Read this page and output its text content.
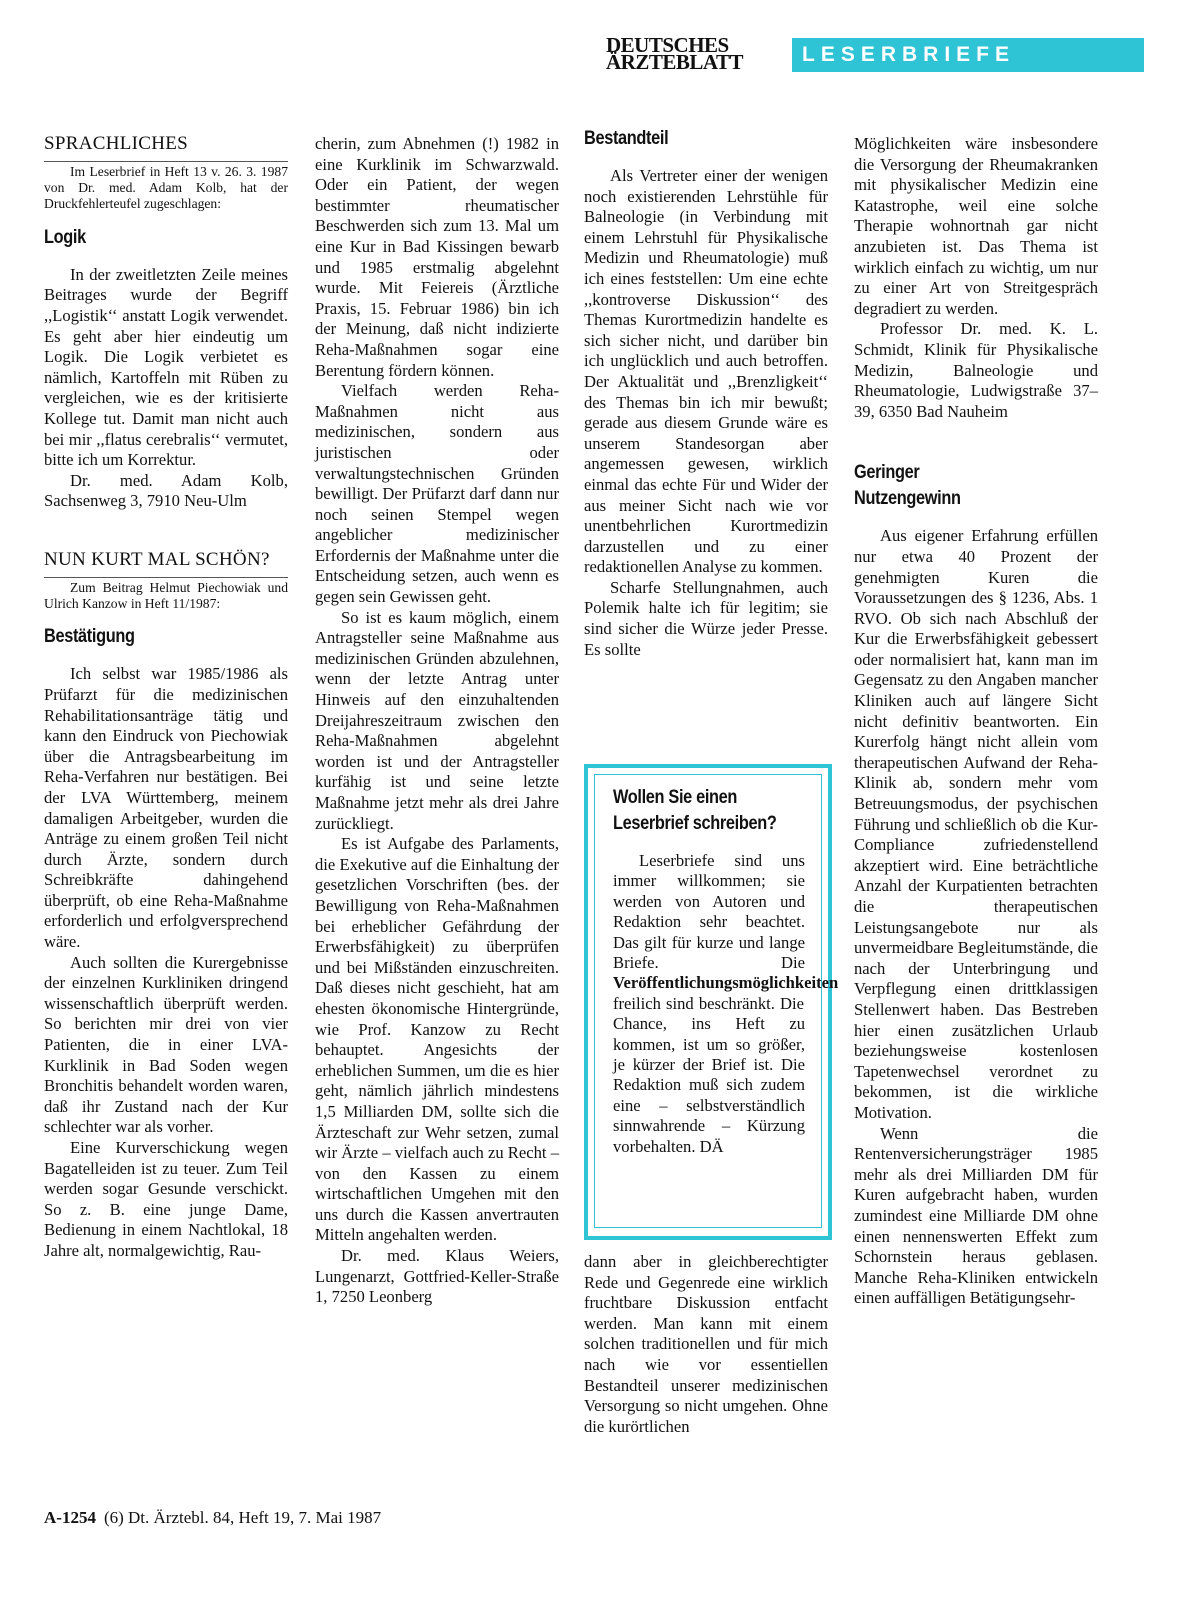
DEUTSCHES
ÄRZTEBLATT	LESERBRIEFE
SPRACHLICHES

Im Leserbrief in Heft 13 v. 26. 3. 1987 von Dr. med. Adam Kolb, hat der Druckfehlerteufel zugeschlagen:

Logik

In der zweitletzten Zeile meines Beitrages wurde der Begriff ,,Logistik‘‘ anstatt Logik verwendet. Es geht aber hier eindeutig um Logik. Die Logik verbietet es nämlich, Kartoffeln mit Rüben zu vergleichen, wie es der kritisierte Kollege tut. Damit man nicht auch bei mir ,,flatus cerebralis‘‘ vermutet, bitte ich um Korrektur.

Dr. med. Adam Kolb, Sachsenweg 3, 7910 Neu-Ulm

NUN KURT MAL SCHÖN?

Zum Beitrag Helmut Piechowiak und Ulrich Kanzow in Heft 11/1987:

Bestätigung

Ich selbst war 1985/1986 als Prüfarzt für die medizinischen Rehabilitationsanträge tätig und kann den Eindruck von Piechowiak über die Antragsbearbeitung im Reha-Verfahren nur bestätigen. Bei der LVA Württemberg, meinem damaligen Arbeitgeber, wurden die Anträge zu einem großen Teil nicht durch Ärzte, sondern durch Schreibkräfte dahingehend überprüft, ob eine Reha-Maßnahme erforderlich und erfolgversprechend wäre.

Auch sollten die Kurergebnisse der einzelnen Kurkliniken dringend wissenschaftlich überprüft werden. So berichten mir drei von vier Patienten, die in einer LVA-Kurklinik in Bad Soden wegen Bronchitis behandelt worden waren, daß ihr Zustand nach der Kur schlechter war als vorher.

Eine Kurverschickung wegen Bagatelleiden ist zu teuer. Zum Teil werden sogar Gesunde verschickt. So z. B. eine junge Dame, Bedienung in einem Nachtlokal, 18 Jahre alt, normalgewichtig, Rau-

cherin, zum Abnehmen (!) 1982 in eine Kurklinik im Schwarzwald. Oder ein Patient, der wegen bestimmter rheumatischer Beschwerden sich zum 13. Mal um eine Kur in Bad Kissingen bewarb und 1985 erstmalig abgelehnt wurde. Mit Feiereis (Ärztliche Praxis, 15. Februar 1986) bin ich der Meinung, daß nicht indizierte Reha-Maßnahmen sogar eine Berentung fördern können.

Vielfach werden Reha-Maßnahmen nicht aus medizinischen, sondern aus juristischen oder verwaltungstechnischen Gründen bewilligt. Der Prüfarzt darf dann nur noch seinen Stempel wegen angeblicher medizinischer Erfordernis der Maßnahme unter die Entscheidung setzen, auch wenn es gegen sein Gewissen geht.

So ist es kaum möglich, einem Antragsteller seine Maßnahme aus medizinischen Gründen abzulehnen, wenn der letzte Antrag unter Hinweis auf den einzuhaltenden Dreijahreszeitraum zwischen den Reha-Maßnahmen abgelehnt worden ist und der Antragsteller kurfähig ist und seine letzte Maßnahme jetzt mehr als drei Jahre zurückliegt.

Es ist Aufgabe des Parlaments, die Exekutive auf die Einhaltung der gesetzlichen Vorschriften (bes. der Bewilligung von Reha-Maßnahmen bei erheblicher Gefährdung der Erwerbsfähigkeit) zu überprüfen und bei Mißständen einzuschreiten. Daß dieses nicht geschieht, hat am ehesten ökonomische Hintergründe, wie Prof. Kanzow zu Recht behauptet. Angesichts der erheblichen Summen, um die es hier geht, nämlich jährlich mindestens 1,5 Milliarden DM, sollte sich die Ärzteschaft zur Wehr setzen, zumal wir Ärzte – vielfach auch zu Recht – von den Kassen zu einem wirtschaftlichen Umgehen mit den uns durch die Kassen anvertrauten Mitteln angehalten werden.

Dr. med. Klaus Weiers, Lungenarzt, Gottfried-Keller-Straße 1, 7250 Leonberg

Bestandteil

Als Vertreter einer der wenigen noch existierenden Lehrstühle für Balneologie (in Verbindung mit einem Lehrstuhl für Physikalische Medizin und Rheumatologie) muß ich eines feststellen: Um eine echte ,,kontroverse Diskussion‘‘ des Themas Kurortmedizin handelte es sich sicher nicht, und darüber bin ich unglücklich und auch betroffen. Der Aktualität und ,,Brenzligkeit‘‘ des Themas bin ich mir bewußt; gerade aus diesem Grunde wäre es unserem Standesorgan aber angemessen gewesen, wirklich einmal das echte Für und Wider der aus meiner Sicht nach wie vor unentbehrlichen Kurortmedizin darzustellen und zu einer redaktionellen Analyse zu kommen.

Scharfe Stellungnahmen, auch Polemik halte ich für legitim; sie sind sicher die Würze jeder Presse. Es sollte

Wollen Sie einen
Leserbrief schreiben?

Leserbriefe sind uns immer willkommen; sie werden von Autoren und Redaktion sehr beachtet. Das gilt für kurze und lange Briefe. Die Veröffentlichungsmöglichkeiten freilich sind beschränkt. Die Chance, ins Heft zu kommen, ist um so größer, je kürzer der Brief ist. Die Redaktion muß sich zudem eine – selbstverständlich sinnwahrende – Kürzung vorbehalten. DÄ

dann aber in gleichberechtigter Rede und Gegenrede eine wirklich fruchtbare Diskussion entfacht werden. Man kann mit einem solchen traditionellen und für mich nach wie vor essentiellen Bestandteil unserer medizinischen Versorgung so nicht umgehen. Ohne die kurörtlichen

Möglichkeiten wäre insbesondere die Versorgung der Rheumakranken mit physikalischer Medizin eine Katastrophe, weil eine solche Therapie wohnortnah gar nicht anzubieten ist. Das Thema ist wirklich einfach zu wichtig, um nur zu einer Art von Streitgespräch degradiert zu werden.

Professor Dr. med. K. L. Schmidt, Klinik für Physikalische Medizin, Balneologie und Rheumatologie, Ludwigstraße 37–39, 6350 Bad Nauheim

Geringer
Nutzengewinn

Aus eigener Erfahrung erfüllen nur etwa 40 Prozent der genehmigten Kuren die Voraussetzungen des § 1236, Abs. 1 RVO. Ob sich nach Abschluß der Kur die Erwerbsfähigkeit gebessert oder normalisiert hat, kann man im Gegensatz zu den Angaben mancher Kliniken auch auf längere Sicht nicht definitiv beantworten. Ein Kurerfolg hängt nicht allein vom therapeutischen Aufwand der Reha-Klinik ab, sondern mehr vom Betreuungsmodus, der psychischen Führung und schließlich ob die Kur-Compliance zufriedenstellend akzeptiert wird. Eine beträchtliche Anzahl der Kurpatienten betrachten die therapeutischen Leistungsangebote nur als unvermeidbare Begleitumstände, die nach der Unterbringung und Verpflegung einen drittklassigen Stellenwert haben. Das Bestreben hier einen zusätzlichen Urlaub beziehungsweise kostenlosen Tapetenwechsel verordnet zu bekommen, ist die wirkliche Motivation.

Wenn die Rentenversicherungsträger 1985 mehr als drei Milliarden DM für Kuren aufgebracht haben, wurden zumindest eine Milliarde DM ohne einen nennenswerten Effekt zum Schornstein heraus geblasen. Manche Reha-Kliniken entwickeln einen auffälligen Betätigungsehr-

A-1254 (6) Dt. Ärztebl. 84, Heft 19, 7. Mai 1987
